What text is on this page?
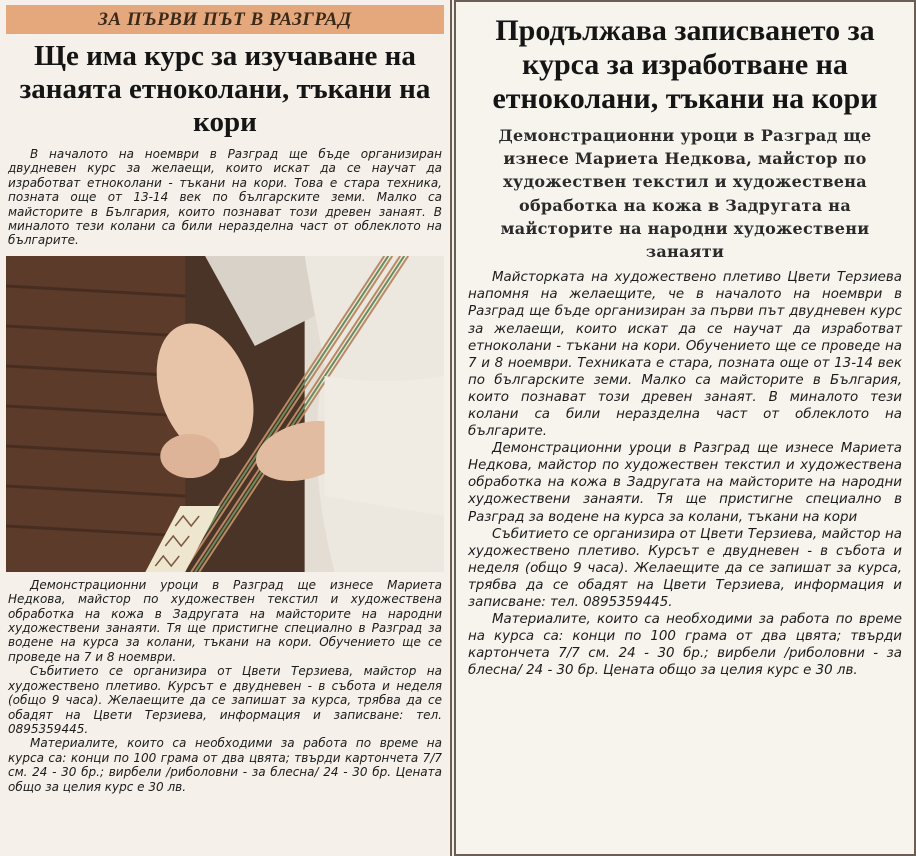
ЗА ПЪРВИ ПЪТ В РАЗГРАД
Ще има курс за изучаване на занаята етноколани, тъкани на кори

В началото на ноември в Разград ще бъде организиран двудневен курс за желаещи, които искат да се научат да изработват етноколани - тъкани на кори. Това е стара техника, позната още от 13-14 век по българските земи. Малко са майсторите в България, които познават този древен занаят. В миналото тези колани са били неразделна част от облеклото на българите.

Демонстрационни уроци в Разград ще изнесе Мариета Недкова, майстор по художествен текстил и художествена обработка на кожа в Задругата на майсторите на народни художествени занаяти. Тя ще пристигне специално в Разград за водене на курса за колани, тъкани на кори. Обучението ще се проведе на 7 и 8 ноември.

Събитието се организира от Цвети Терзиева, майстор на художествено плетиво. Курсът е двудневен - в събота и неделя (общо 9 часа). Желаещите да се запишат за курса, трябва да се обадят на Цвети Терзиева, информация и записване: тел. 0895359445.

Материалите, които са необходими за работа по време на курса са: конци по 100 грама от два цвята; твърди картончета 7/7 см. 24 - 30 бр.; вирбели /риболовни - за блесна/ 24 - 30 бр. Цената общо за целия курс е 30 лв.

Продължава записването за курса за изработване на етноколани, тъкани на кори
Демонстрационни уроци в Разград ще изнесе Мариета Недкова, майстор по художествен текстил и художествена обработка на кожа в Задругата на майсторите на народни художествени занаяти

Майсторката на художествено плетиво Цвети Терзиева напомня на желаещите, че в началото на ноември в Разград ще бъде организиран за първи път двудневен курс за желаещи, които искат да се научат да изработват етноколани - тъкани на кори. Обучението ще се проведе на 7 и 8 ноември. Техниката е стара, позната още от 13-14 век по българските земи. Малко са майсторите в България, които познават този древен занаят. В миналото тези колани са били неразделна част от облеклото на българите.

Демонстрационни уроци в Разград ще изнесе Мариета Недкова, майстор по художествен текстил и художествена обработка на кожа в Задругата на майсторите на народни художествени занаяти. Тя ще пристигне специално в Разград за водене на курса за колани, тъкани на кори

Събитието се организира от Цвети Терзиева, майстор на художествено плетиво. Курсът е двудневен - в събота и неделя (общо 9 часа). Желаещите да се запишат за курса, трябва да се обадят на Цвети Терзиева, информация и записване: тел. 0895359445.

Материалите, които са необходими за работа по време на курса са: конци по 100 грама от два цвята; твърди картончета 7/7 см. 24 - 30 бр.; вирбели /риболовни - за блесна/ 24 - 30 бр. Цената общо за целия курс е 30 лв.
